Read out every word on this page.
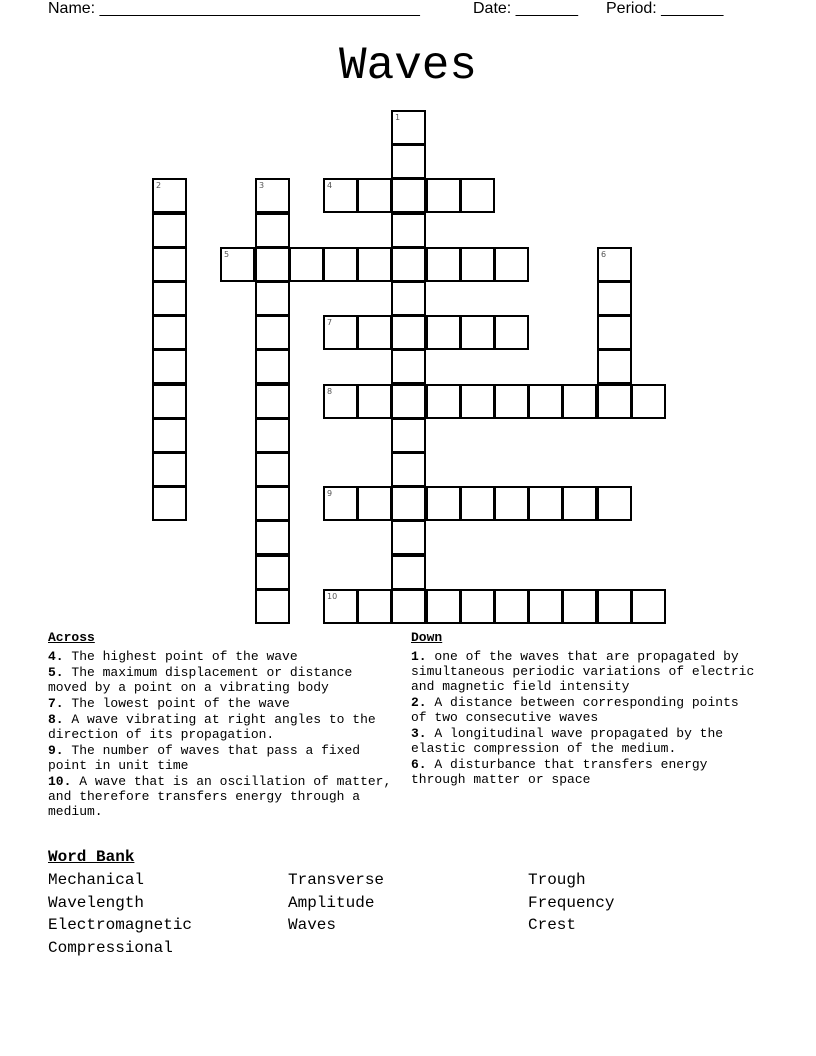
Name: ____________________________________	Date: _______ Period: _______
Waves
1
2	3	4
5	6
7
8
9
10
Across
4. The highest point of the wave
5. The maximum displacement or distance moved by a point on a vibrating body
7. The lowest point of the wave
8. A wave vibrating at right angles to the direction of its propagation.
9. The number of waves that pass a fixed point in unit time
10. A wave that is an oscillation of matter, and therefore transfers energy through a medium.
Down
1. one of the waves that are propagated by simultaneous periodic variations of electric and magnetic field intensity
2. A distance between corresponding points of two consecutive waves
3. A longitudinal wave propagated by the elastic compression of the medium.
6. A disturbance that transfers energy through matter or space
Word Bank
Mechanical
Wavelength
Electromagnetic
Compressional
Transverse
Amplitude
Waves
Trough
Frequency
Crest
